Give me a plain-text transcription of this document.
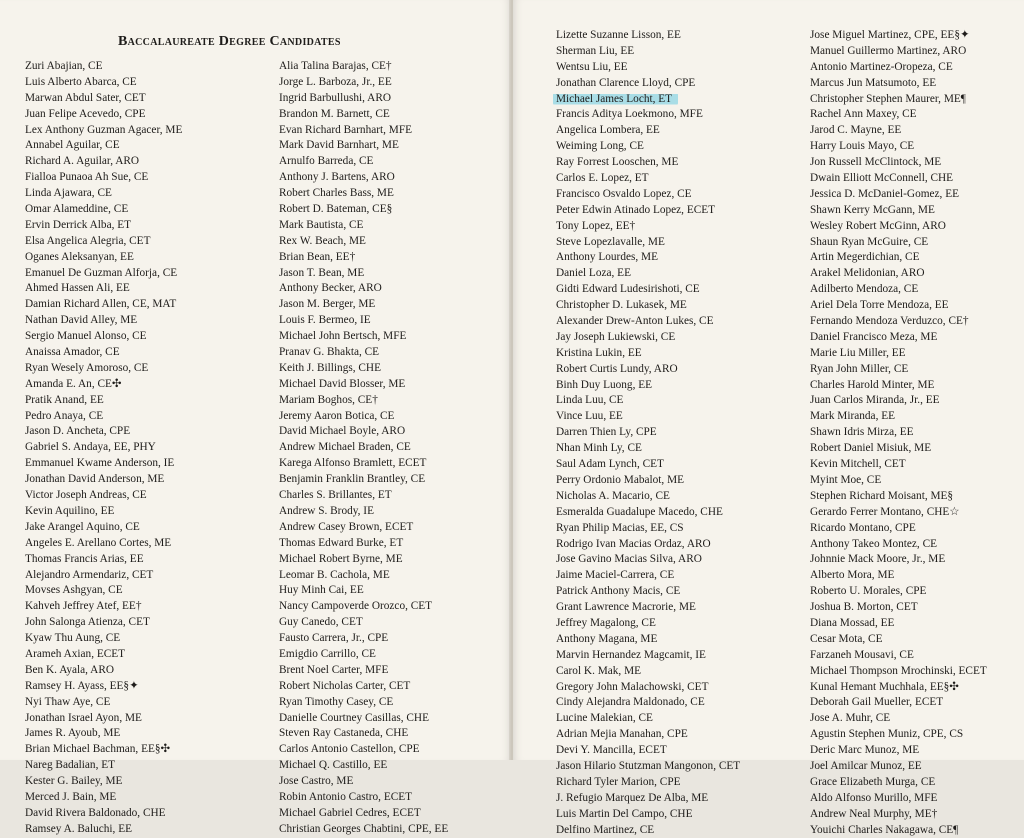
Baccalaureate Degree Candidates
Zuri Abajian, CE
Luis Alberto Abarca, CE
Marwan Abdul Sater, CET
Juan Felipe Acevedo, CPE
Lex Anthony Guzman Agacer, ME
Annabel Aguilar, CE
Richard A. Aguilar, ARO
Fialloa Punaoa Ah Sue, CE
Linda Ajawara, CE
Omar Alameddine, CE
Ervin Derrick Alba, ET
Elsa Angelica Alegria, CET
Oganes Aleksanyan, EE
Emanuel De Guzman Alforja, CE
Ahmed Hassen Ali, EE
Damian Richard Allen, CE, MAT
Nathan David Alley, ME
Sergio Manuel Alonso, CE
Anaissa Amador, CE
Ryan Wesely Amoroso, CE
Amanda E. An, CE✣
Pratik Anand, EE
Pedro Anaya, CE
Jason D. Ancheta, CPE
Gabriel S. Andaya, EE, PHY
Emmanuel Kwame Anderson, IE
Jonathan David Anderson, ME
Victor Joseph Andreas, CE
Kevin Aquilino, EE
Jake Arangel Aquino, CE
Angeles E. Arellano Cortes, ME
Thomas Francis Arias, EE
Alejandro Armendariz, CET
Movses Ashgyan, CE
Kahveh Jeffrey Atef, EE†
John Salonga Atienza, CET
Kyaw Thu Aung, CE
Arameh Axian, ECET
Ben K. Ayala, ARO
Ramsey H. Ayass, EE§✦
Nyi Thaw Aye, CE
Jonathan Israel Ayon, ME
James R. Ayoub, ME
Brian Michael Bachman, EE§✣
Nareg Badalian, ET
Kester G. Bailey, ME
Merced J. Bain, ME
David Rivera Baldonado, CHE
Ramsey A. Baluchi, EE
Alia Talina Barajas, CE†
Jorge L. Barboza, Jr., EE
Ingrid Barbullushi, ARO
Brandon M. Barnett, CE
Evan Richard Barnhart, MFE
Mark David Barnhart, ME
Arnulfo Barreda, CE
Anthony J. Bartens, ARO
Robert Charles Bass, ME
Robert D. Bateman, CE§
Mark Bautista, CE
Rex W. Beach, ME
Brian Bean, EE†
Jason T. Bean, ME
Anthony Becker, ARO
Jason M. Berger, ME
Louis F. Bermeo, IE
Michael John Bertsch, MFE
Pranav G. Bhakta, CE
Keith J. Billings, CHE
Michael David Blosser, ME
Mariam Boghos, CE†
Jeremy Aaron Botica, CE
David Michael Boyle, ARO
Andrew Michael Braden, CE
Karega Alfonso Bramlett, ECET
Benjamin Franklin Brantley, CE
Charles S. Brillantes, ET
Andrew S. Brody, IE
Andrew Casey Brown, ECET
Thomas Edward Burke, ET
Michael Robert Byrne, ME
Leomar B. Cachola, ME
Huy Minh Cai, EE
Nancy Campoverde Orozco, CET
Guy Canedo, CET
Fausto Carrera, Jr., CPE
Emigdio Carrillo, CE
Brent Noel Carter, MFE
Robert Nicholas Carter, CET
Ryan Timothy Casey, CE
Danielle Courtney Casillas, CHE
Steven Ray Castaneda, CHE
Carlos Antonio Castellon, CPE
Michael Q. Castillo, EE
Jose Castro, ME
Robin Antonio Castro, ECET
Michael Gabriel Cedres, ECET
Christian Georges Chabtini, CPE, EE
Lizette Suzanne Lisson, EE
Sherman Liu, EE
Wentsu Liu, EE
Jonathan Clarence Lloyd, CPE
Michael James Locht, ET
Francis Aditya Loekmono, MFE
Angelica Lombera, EE
Weiming Long, CE
Ray Forrest Looschen, ME
Carlos E. Lopez, ET
Francisco Osvaldo Lopez, CE
Peter Edwin Atinado Lopez, ECET
Tony Lopez, EE†
Steve Lopezlavalle, ME
Anthony Lourdes, ME
Daniel Loza, EE
Gidti Edward Ludesirishoti, CE
Christopher D. Lukasek, ME
Alexander Drew-Anton Lukes, CE
Jay Joseph Lukiewski, CE
Kristina Lukin, EE
Robert Curtis Lundy, ARO
Binh Duy Luong, EE
Linda Luu, CE
Vince Luu, EE
Darren Thien Ly, CPE
Nhan Minh Ly, CE
Saul Adam Lynch, CET
Perry Ordonio Mabalot, ME
Nicholas A. Macario, CE
Esmeralda Guadalupe Macedo, CHE
Ryan Philip Macias, EE, CS
Rodrigo Ivan Macias Ordaz, ARO
Jose Gavino Macias Silva, ARO
Jaime Maciel-Carrera, CE
Patrick Anthony Macis, CE
Grant Lawrence Macrorie, ME
Jeffrey Magalong, CE
Anthony Magana, ME
Marvin Hernandez Magcamit, IE
Carol K. Mak, ME
Gregory John Malachowski, CET
Cindy Alejandra Maldonado, CE
Lucine Malekian, CE
Adrian Mejia Manahan, CPE
Devi Y. Mancilla, ECET
Jason Hilario Stutzman Mangonon, CET
Richard Tyler Marion, CPE
J. Refugio Marquez De Alba, ME
Luis Martin Del Campo, CHE
Delfino Martinez, CE
Jose Miguel Martinez, CPE, EE§✦
Manuel Guillermo Martinez, ARO
Antonio Martinez-Oropeza, CE
Marcus Jun Matsumoto, EE
Christopher Stephen Maurer, ME¶
Rachel Ann Maxey, CE
Jarod C. Mayne, EE
Harry Louis Mayo, CE
Jon Russell McClintock, ME
Dwain Elliott McConnell, CHE
Jessica D. McDaniel-Gomez, EE
Shawn Kerry McGann, ME
Wesley Robert McGinn, ARO
Shaun Ryan McGuire, CE
Artin Megerdichian, CE
Arakel Melidonian, ARO
Adilberto Mendoza, CE
Ariel Dela Torre Mendoza, EE
Fernando Mendoza Verduzco, CE†
Daniel Francisco Meza, ME
Marie Liu Miller, EE
Ryan John Miller, CE
Charles Harold Minter, ME
Juan Carlos Miranda, Jr., EE
Mark Miranda, EE
Shawn Idris Mirza, EE
Robert Daniel Misiuk, ME
Kevin Mitchell, CET
Myint Moe, CE
Stephen Richard Moisant, ME§
Gerardo Ferrer Montano, CHE☆
Ricardo Montano, CPE
Anthony Takeo Montez, CE
Johnnie Mack Moore, Jr., ME
Alberto Mora, ME
Roberto U. Morales, CPE
Joshua B. Morton, CET
Diana Mossad, EE
Cesar Mota, CE
Farzaneh Mousavi, CE
Michael Thompson Mrochinski, ECET
Kunal Hemant Muchhala, EE§✣
Deborah Gail Mueller, ECET
Jose A. Muhr, CE
Agustin Stephen Muniz, CPE, CS
Deric Marc Munoz, ME
Joel Amilcar Munoz, EE
Grace Elizabeth Murga, CE
Aldo Alfonso Murillo, MFE
Andrew Neal Murphy, ME†
Youichi Charles Nakagawa, CE¶
